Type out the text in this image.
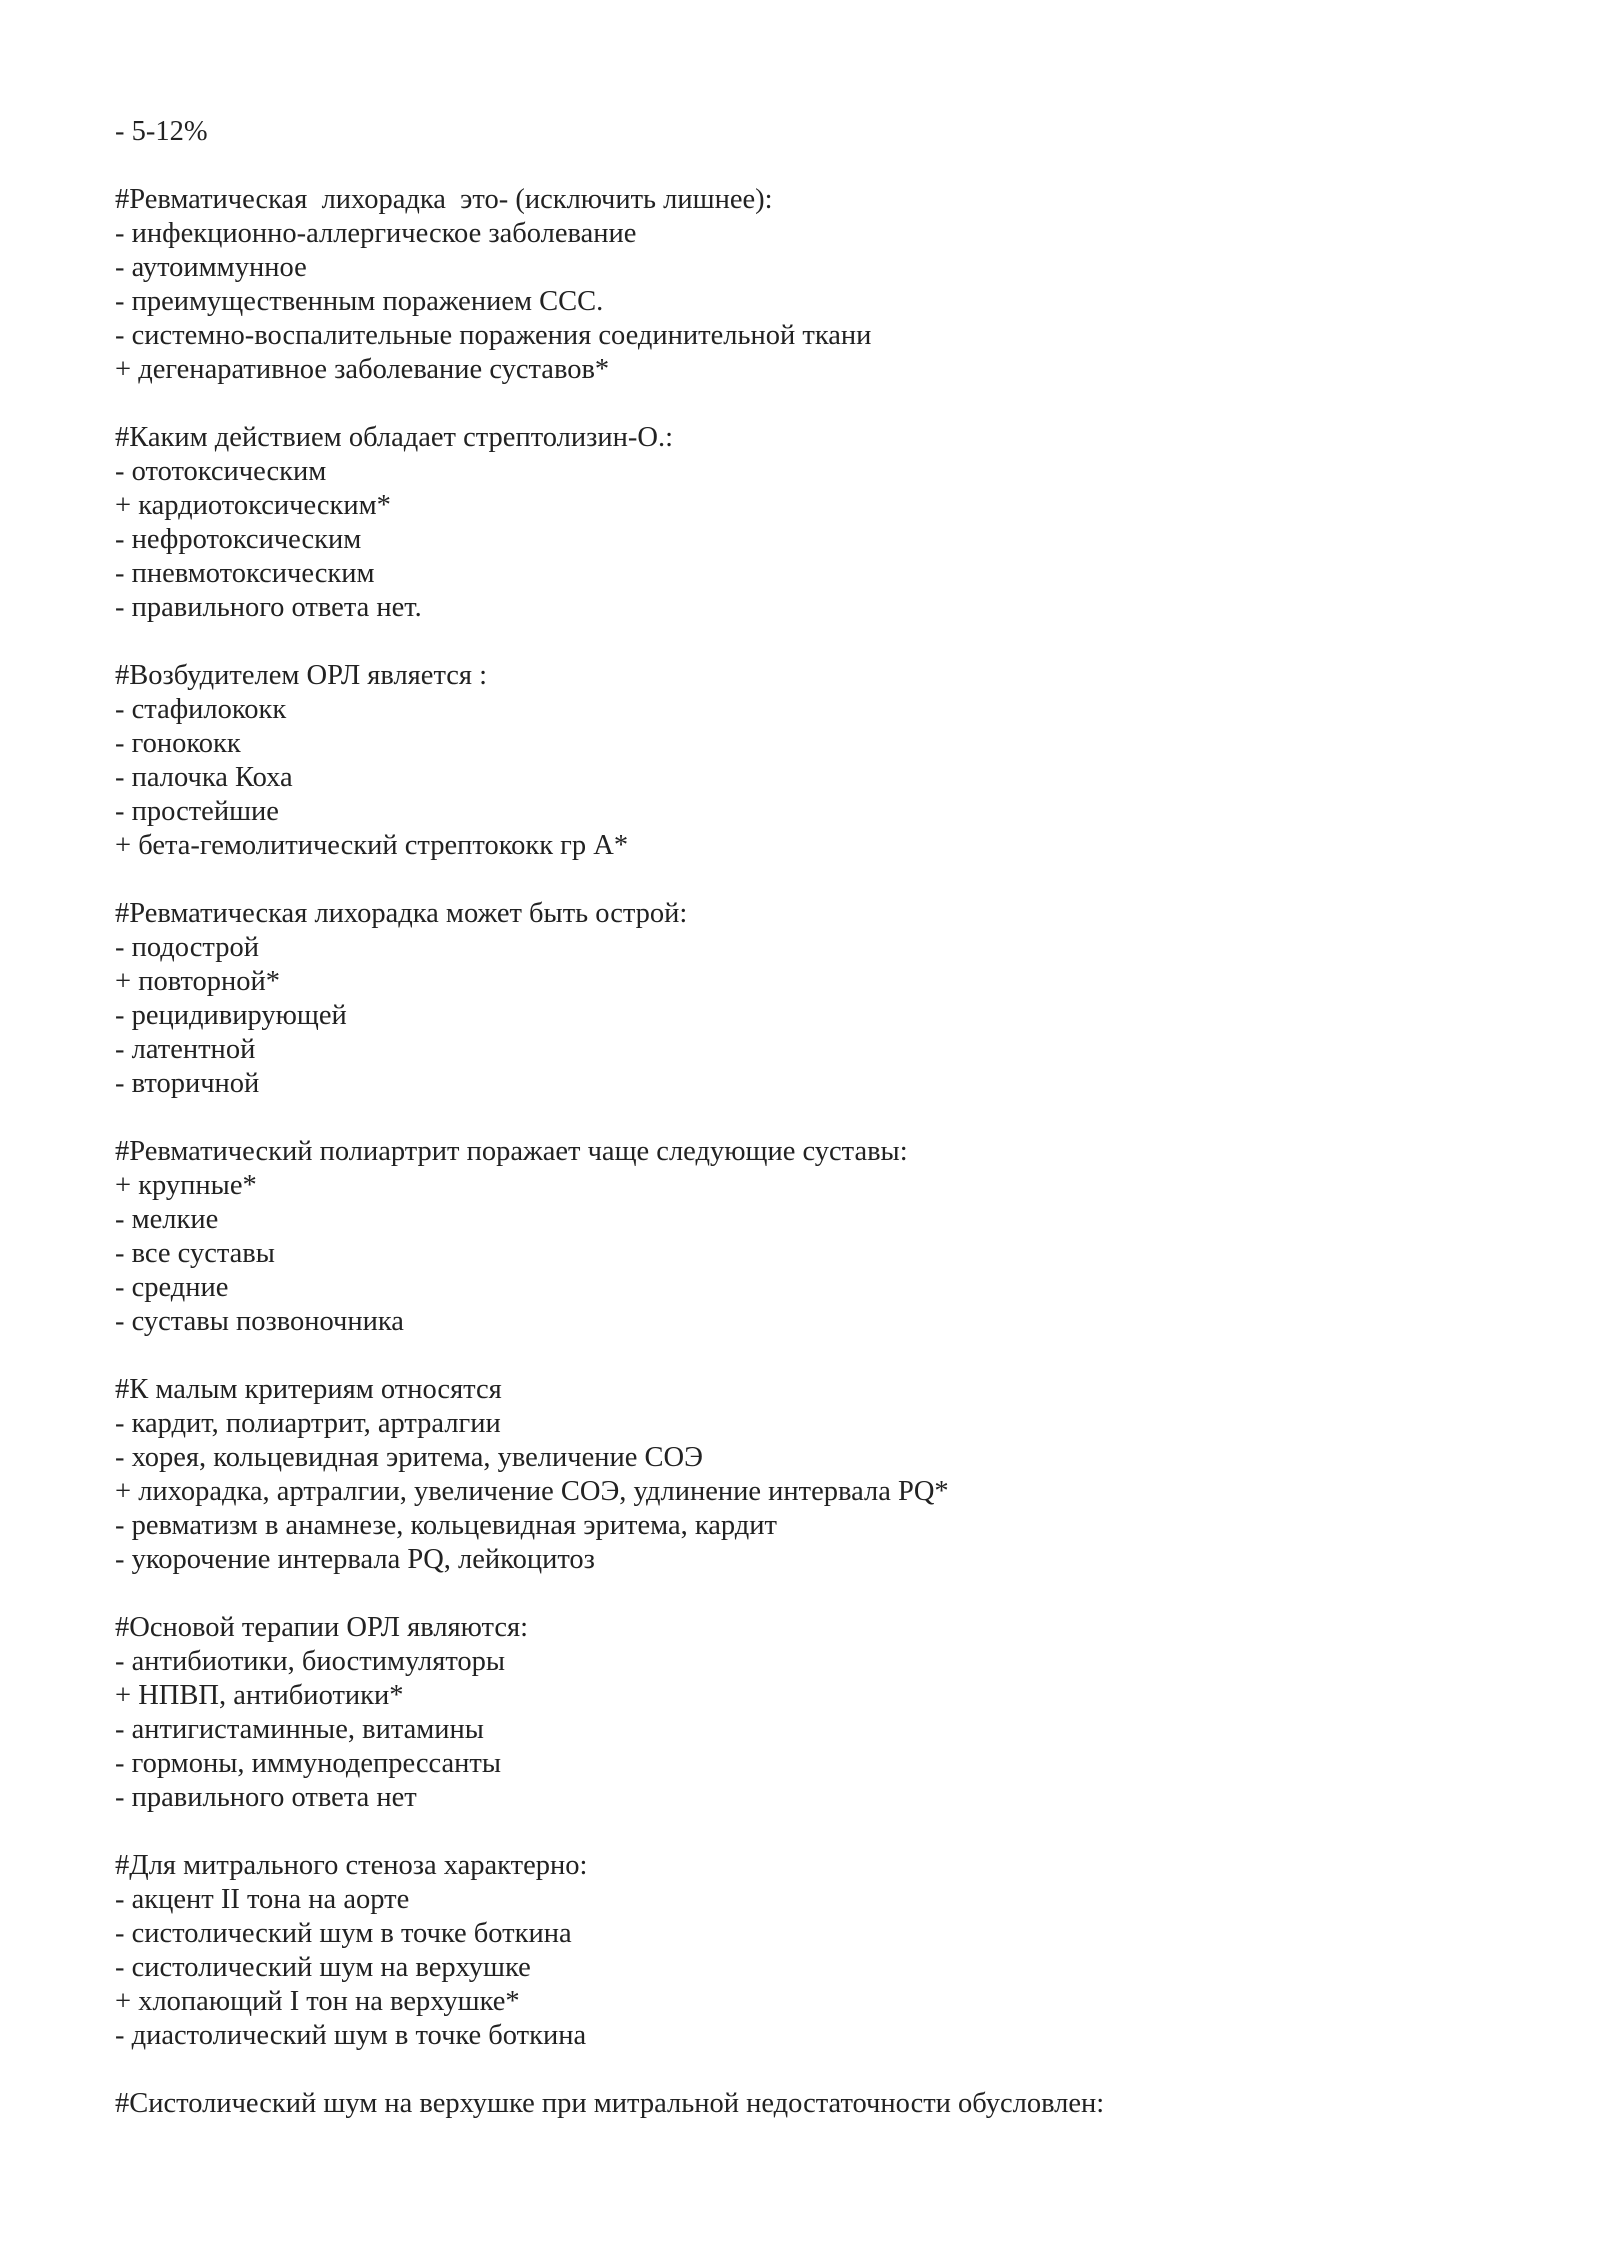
- 5-12%
#Ревматическая  лихорадка  это- (исключить лишнее):
- инфекционно-аллергическое заболевание
- аутоиммунное
- преимущественным поражением ССС.
- системно-воспалительные поражения соединительной ткани
+ дегенаративное заболевание суставов*
#Каким действием обладает стрептолизин-О.:
- ототоксическим
+ кардиотоксическим*
- нефротоксическим
- пневмотоксическим
- правильного ответа нет.
#Возбудителем ОРЛ является :
- стафилококк
- гонококк
- палочка Коха
- простейшие
+ бета-гемолитический стрептококк гр А*
#Ревматическая лихорадка может быть острой:
- подострой
+ повторной*
- рецидивирующей
- латентной
- вторичной
#Ревматический полиартрит поражает чаще следующие суставы:
+ крупные*
- мелкие
- все суставы
- средние
- суставы позвоночника
#К малым критериям относятся
- кардит, полиартрит, артралгии
- хорея, кольцевидная эритема, увеличение СОЭ
+ лихорадка, артралгии, увеличение СОЭ, удлинение интервала PQ*
- ревматизм в анамнезе, кольцевидная эритема, кардит
- укорочение интервала PQ, лейкоцитоз
#Основой терапии ОРЛ являются:
- антибиотики, биостимуляторы
+ НПВП, антибиотики*
- антигистаминные, витамины
- гормоны, иммунодепрессанты
- правильного ответа нет
#Для митрального стеноза характерно:
- акцент II тона на аорте
- систолический шум в точке боткина
- систолический шум на верхушке
+ хлопающий I тон на верхушке*
- диастолический шум в точке боткина
#Систолический шум на верхушке при митральной недостаточности обусловлен:
